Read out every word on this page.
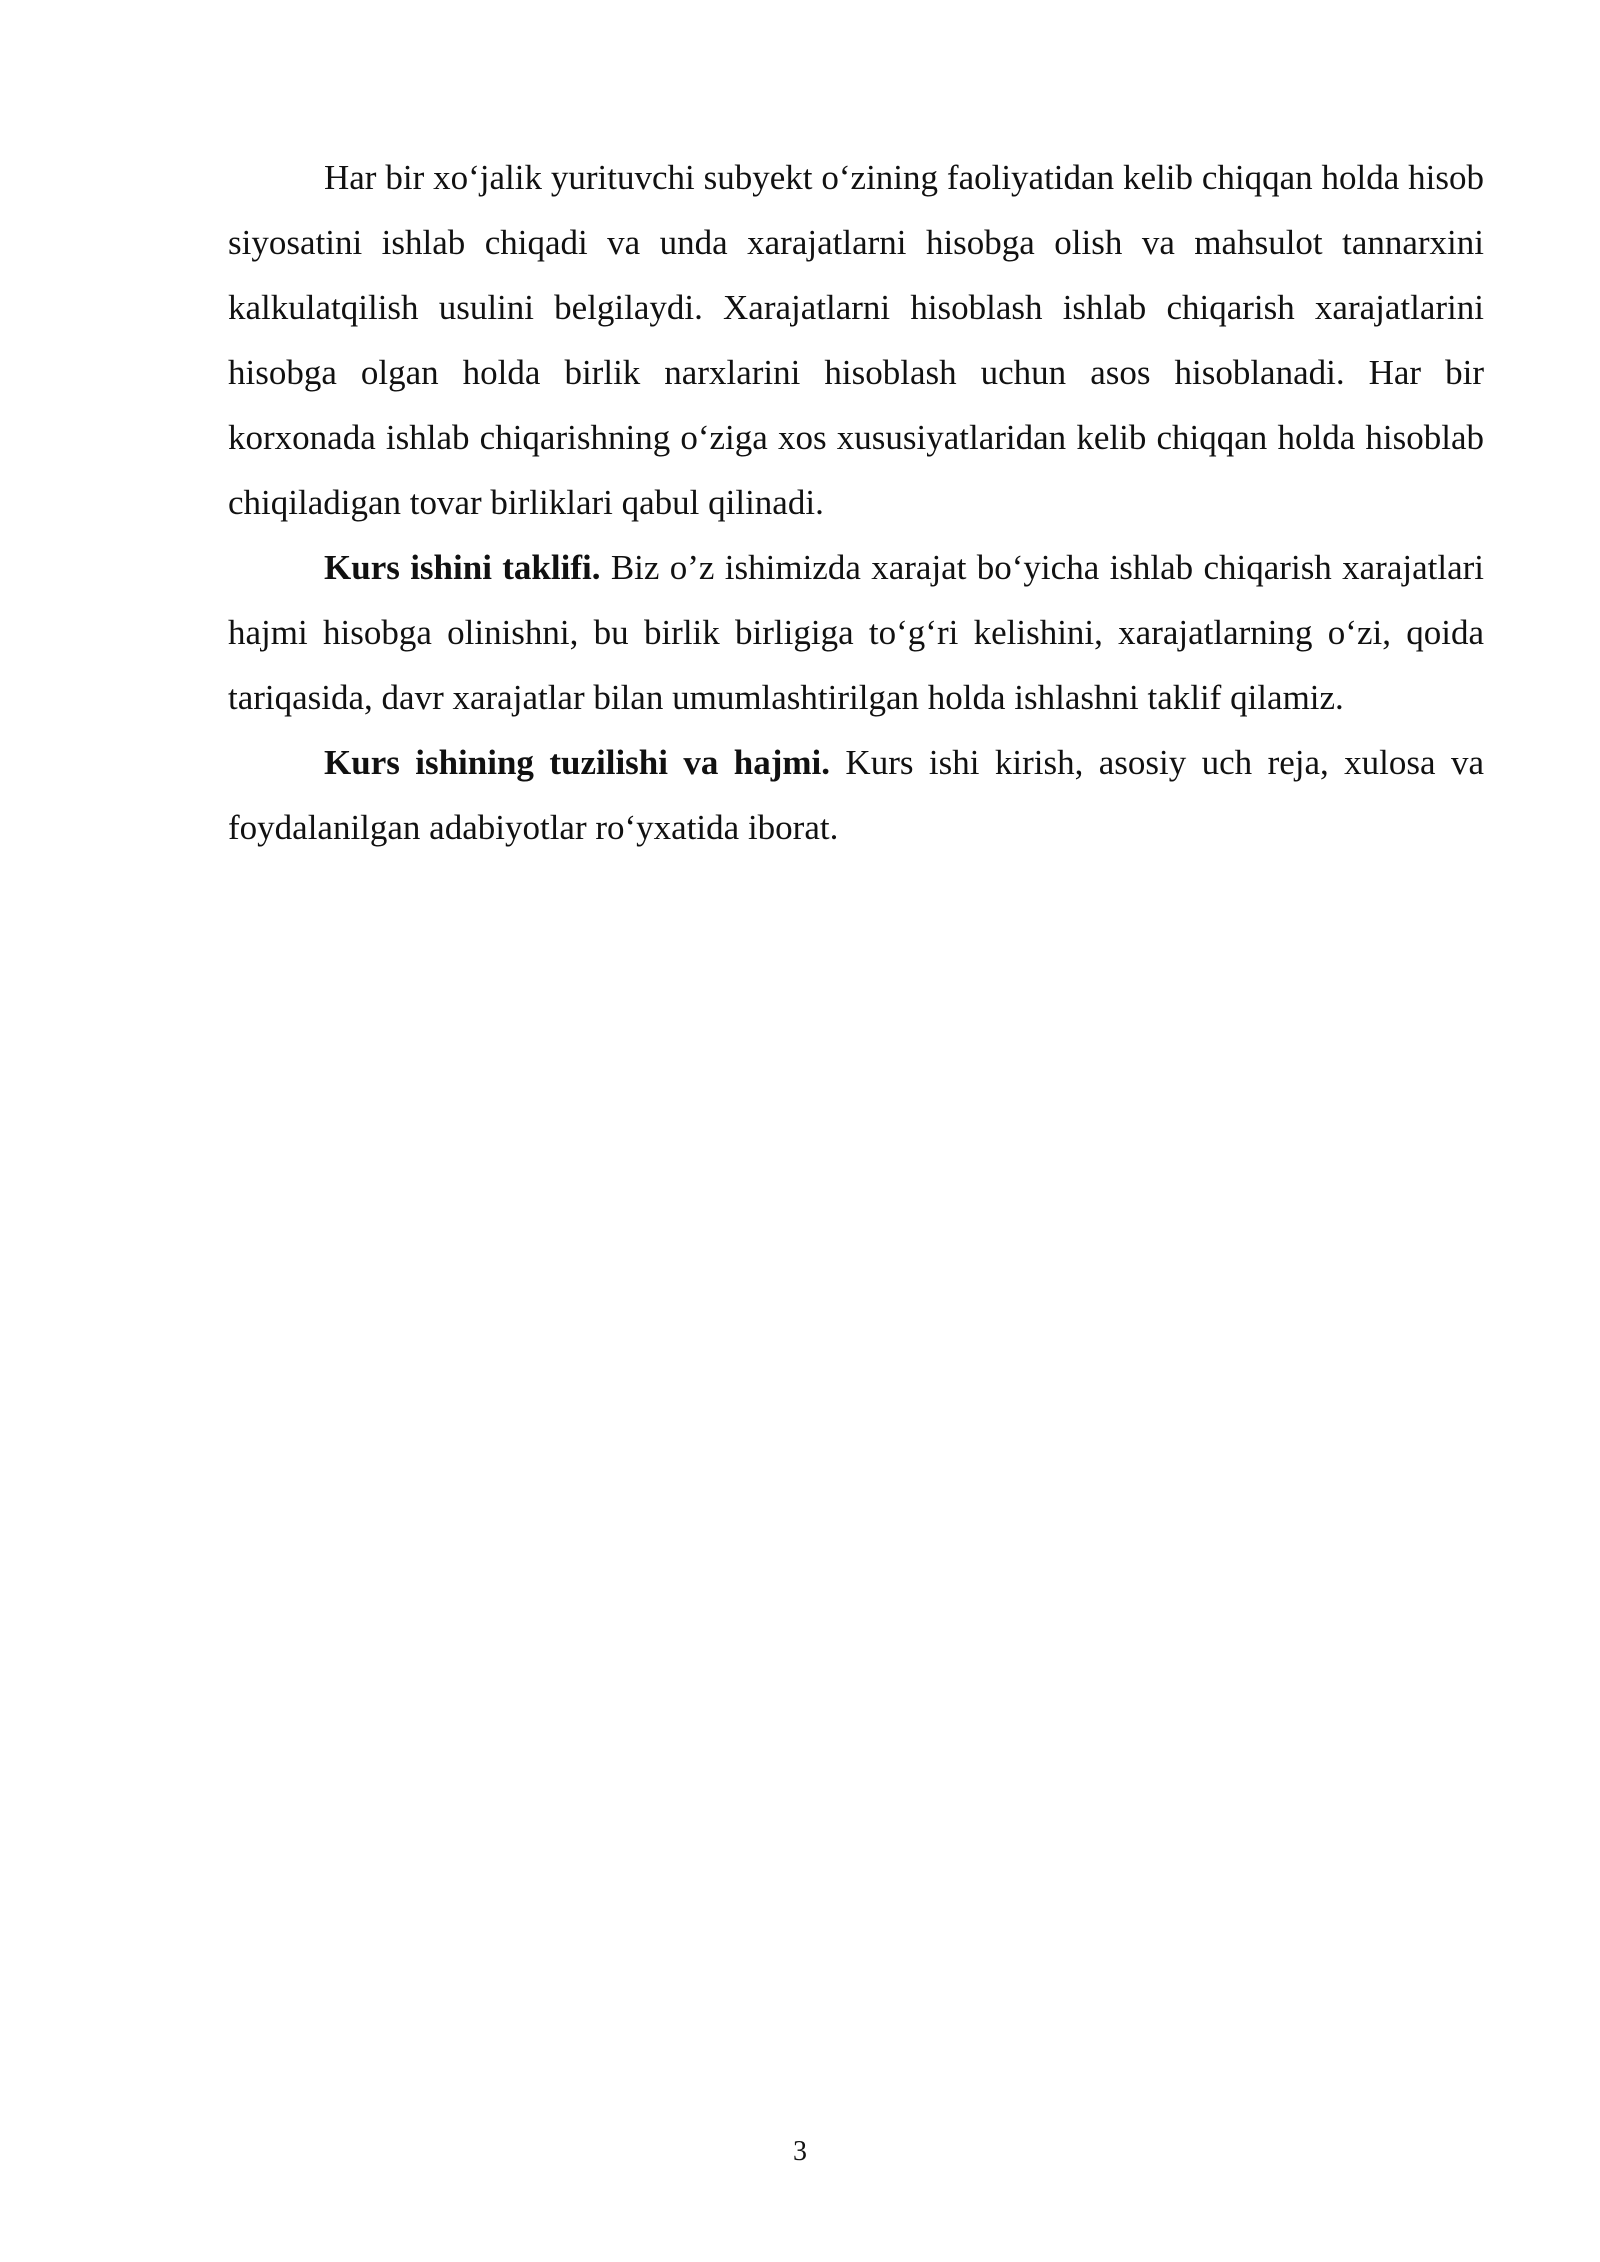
Har bir xo‘jalik yurituvchi subyekt o‘zining faoliyatidan kelib chiqqan holda hisob siyosatini ishlab chiqadi va unda xarajatlarni hisobga olish va mahsulot tannarxini kalkulatqilish usulini belgilaydi. Xarajatlarni hisoblash ishlab chiqarish xarajatlarini hisobga olgan holda birlik narxlarini hisoblash uchun asos hisoblanadi. Har bir korxonada ishlab chiqarishning o‘ziga xos xususiyatlaridan kelib chiqqan holda hisoblab chiqiladigan tovar birliklari qabul qilinadi.

Kurs ishini taklifi. Biz o’z ishimizda xarajat bo‘yicha ishlab chiqarish xarajatlari hajmi hisobga olinishni, bu birlik birligiga to‘g‘ri kelishini, xarajatlarning o‘zi, qoida tariqasida, davr xarajatlar bilan umumlashtirilgan holda ishlashni taklif qilamiz.

Kurs ishining tuzilishi va hajmi. Kurs ishi kirish, asosiy uch reja, xulosa va foydalanilgan adabiyotlar ro‘yxatida iborat.

3
